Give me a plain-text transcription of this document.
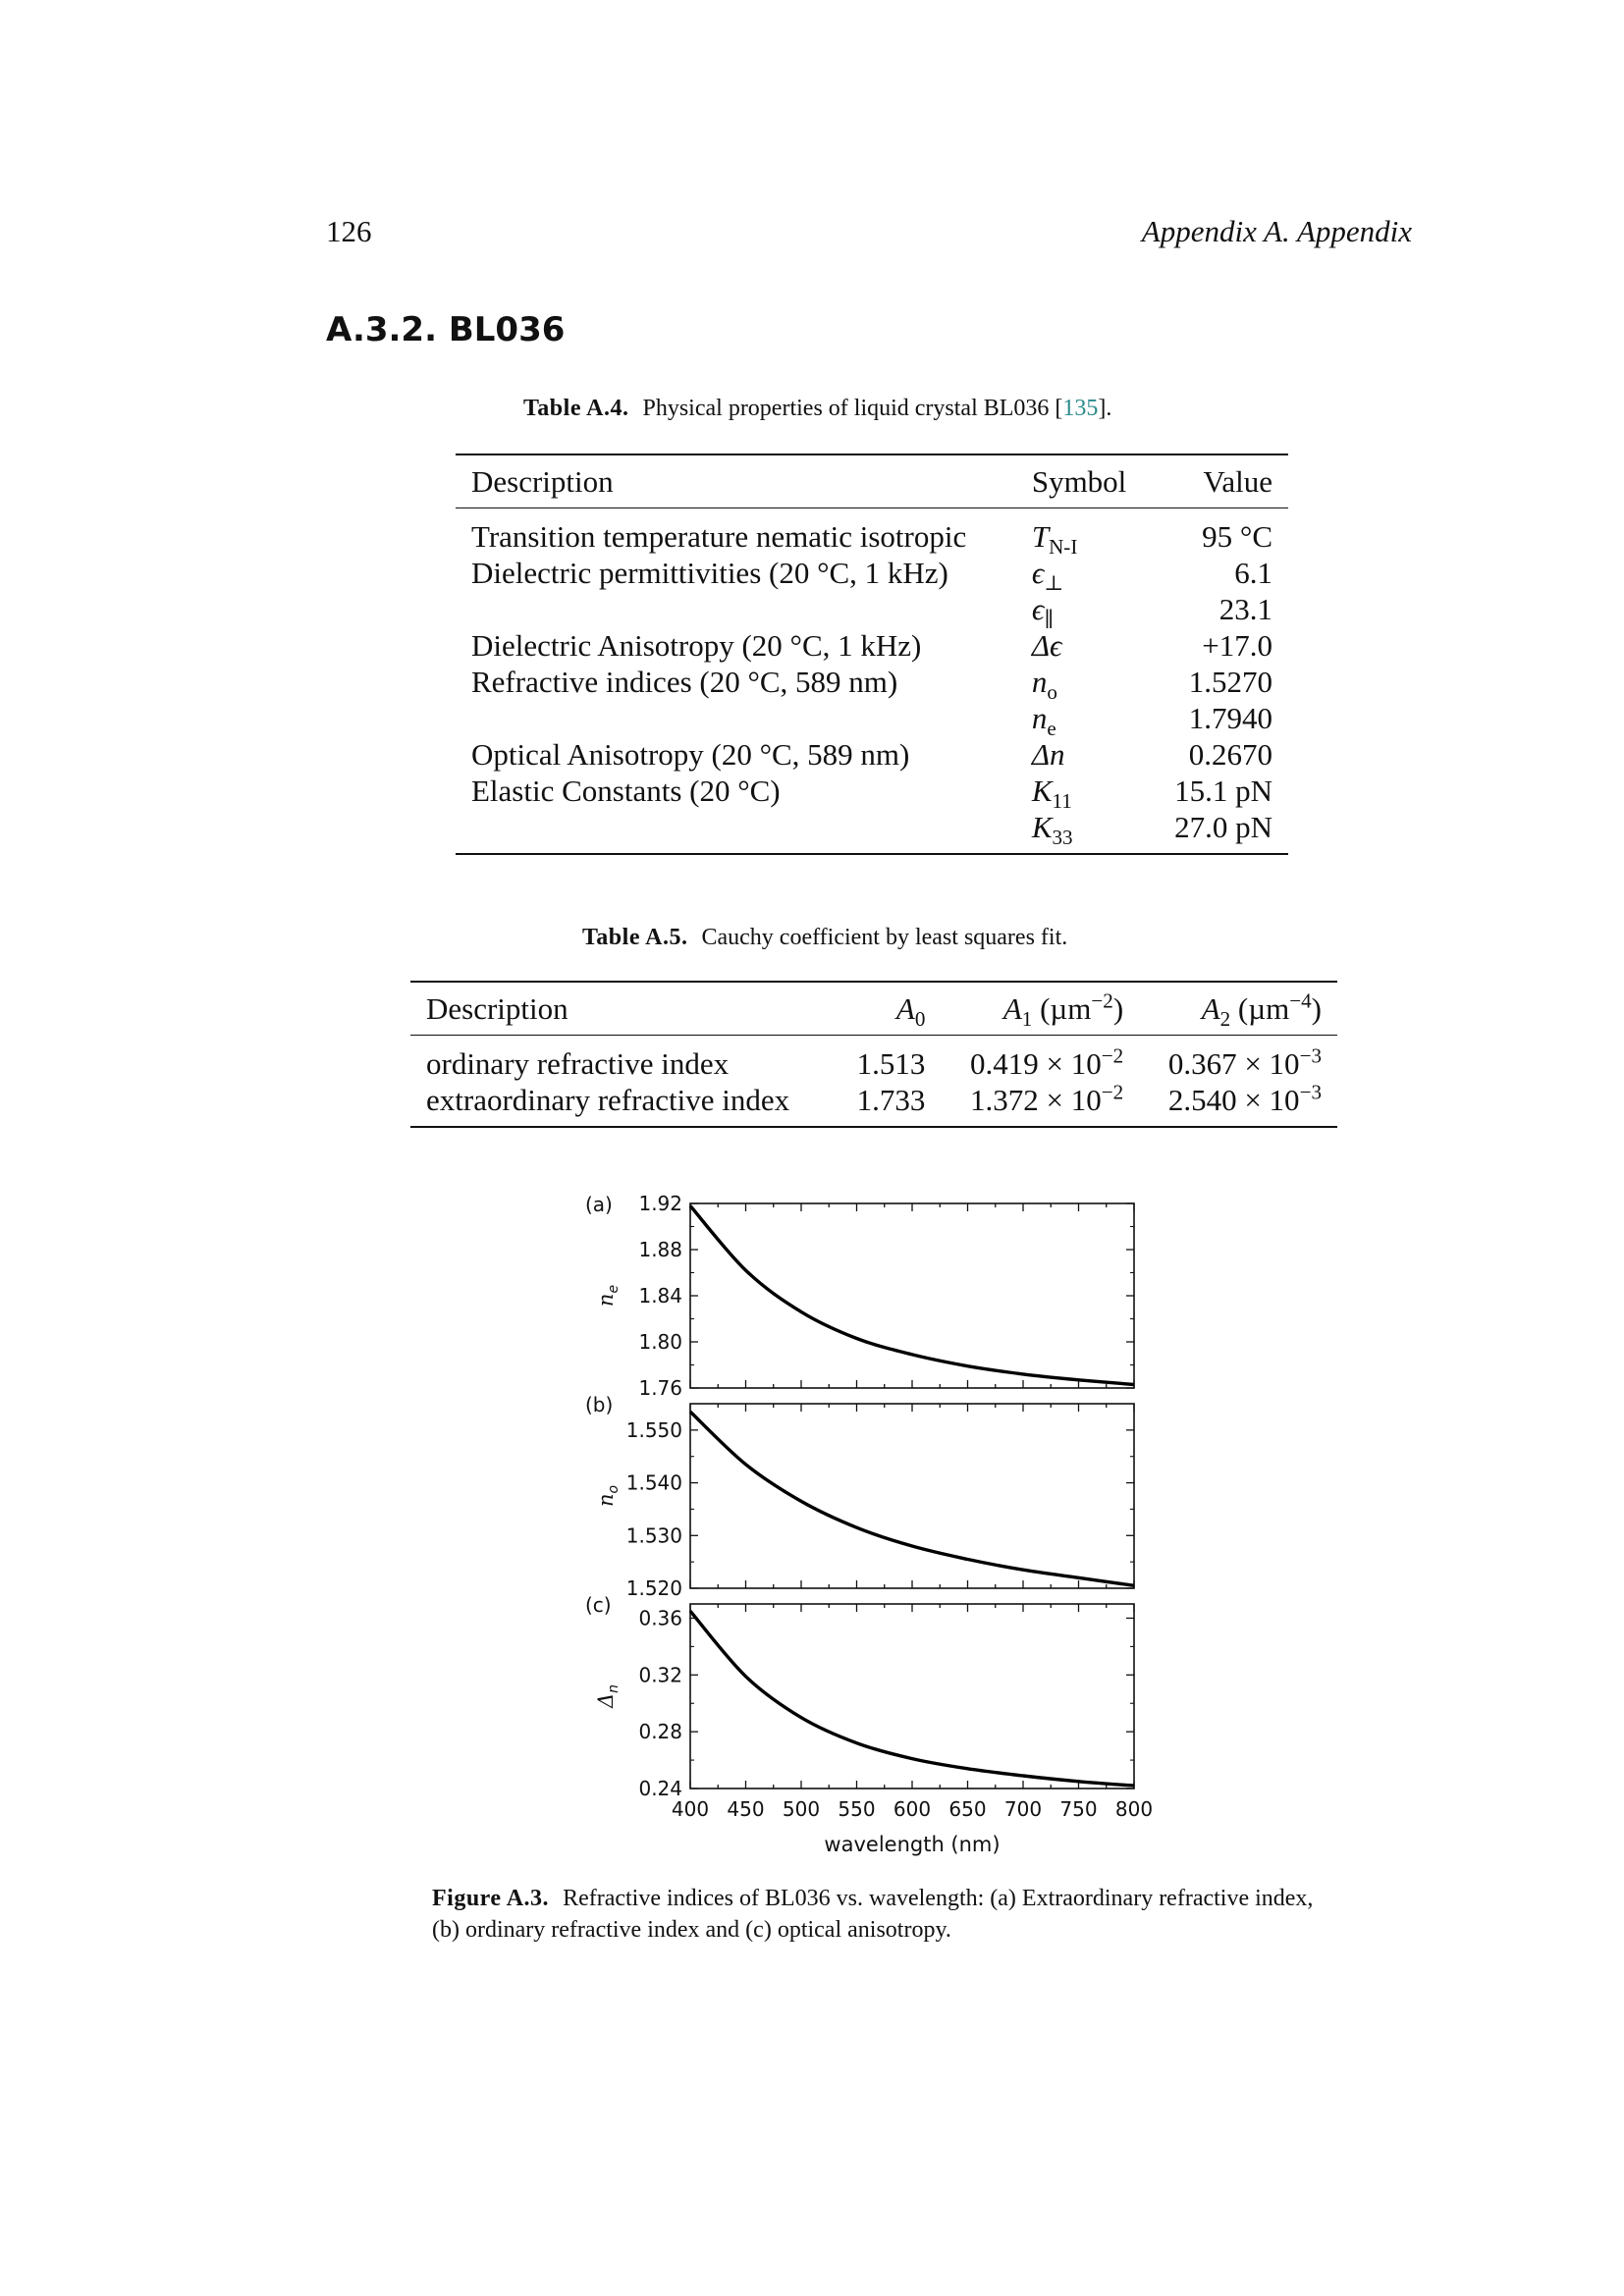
126	Appendix A. Appendix
A.3.2. BL036
Table A.4. Physical properties of liquid crystal BL036 [135].
Description	Symbol	Value
Transition temperature nematic isotropic	$T_{N-I}$	95 °C
Dielectric permittivities (20 °C, 1 kHz)	$\epsilon_\perp$	6.1
	$\epsilon_\parallel$	23.1
Dielectric Anisotropy (20 °C, 1 kHz)	Δϵ	+17.0
Refractive indices (20 °C, 589 nm)	$n_o$	1.5270
	$n_e$	1.7940
Optical Anisotropy (20 °C, 589 nm)	Δn	0.2670
Elastic Constants (20 °C)	$K_{11}$	15.1 pN
	$K_{33}$	27.0 pN
Table A.5. Cauchy coefficient by least squares fit.
Description	$A_0$	$A_1$ (µm$^{-2}$)	$A_2$ (µm$^{-4}$)
ordinary refractive index	1.513	$0.419 \times 10^{-2}$	$0.367 \times 10^{-3}$
extraordinary refractive index	1.733	$1.372 \times 10^{-2}$	$2.540 \times 10^{-3}$
1.76
1.80
1.84
1.88
1.92
(a)
$n_e$
1.520
1.530
1.540
1.550
(b)
$n_o$
0.24
0.28
0.32
0.36
(c)
$\Delta_n$
400 450 500 550 600 650 700 750 800
wavelength (nm)
Figure A.3. Refractive indices of BL036 vs. wavelength: (a) Extraordinary refractive index, (b) ordinary refractive index and (c) optical anisotropy.
